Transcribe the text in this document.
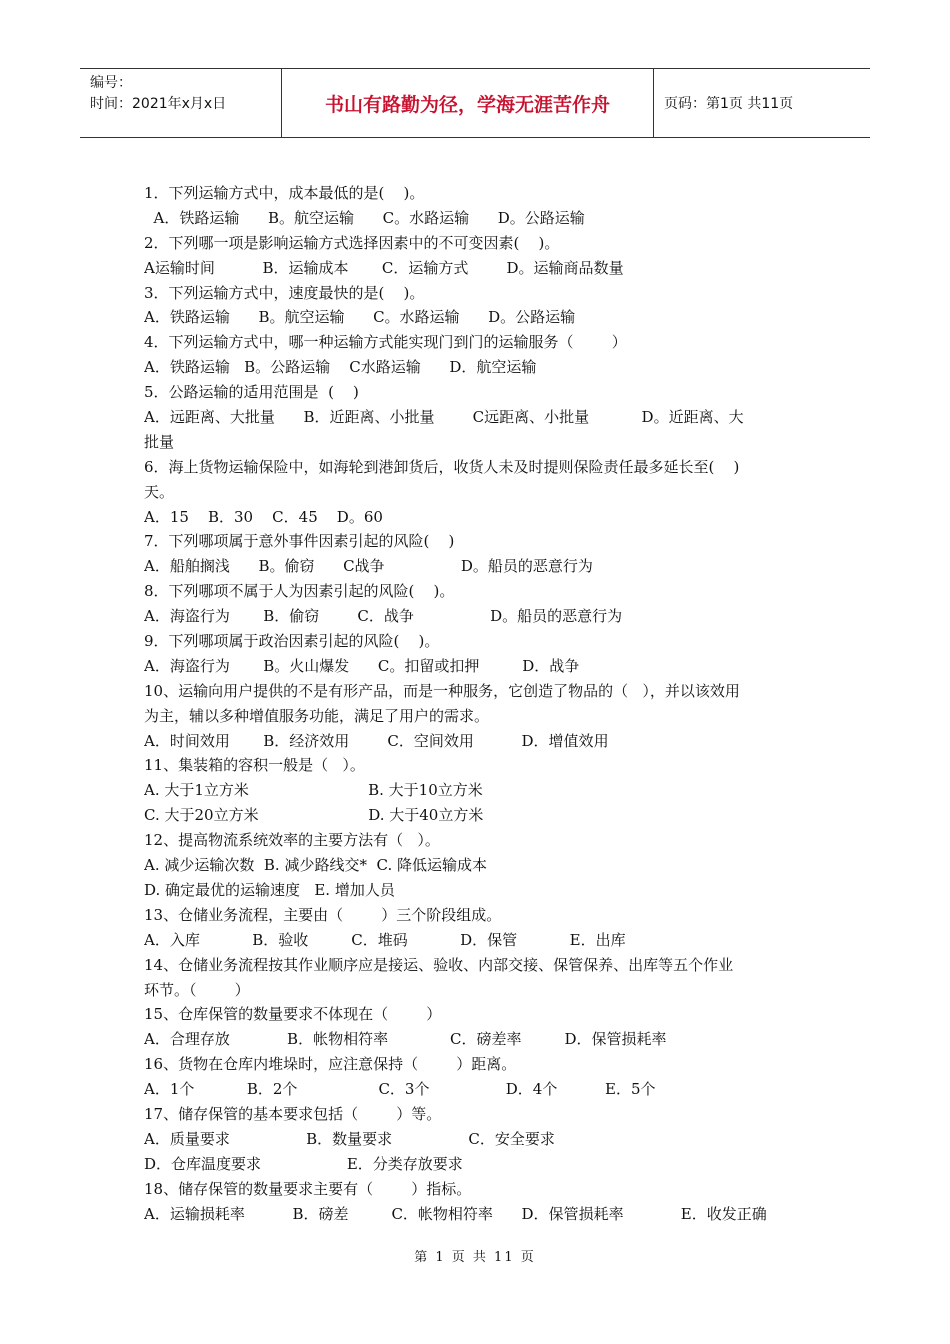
编号：
时间：2021年x月x日	书山有路勤为径，学海无涯苦作舟	页码：第1页 共11页
1．下列运输方式中，成本最低的是(    )。
A．铁路运输      B。航空运输      C。水路运输      D。公路运输
2．下列哪一项是影响运输方式选择因素中的不可变因素(    )。
A运输时间          B．运输成本       C．运输方式        D。运输商品数量
3．下列运输方式中，速度最快的是(    )。
A．铁路运输      B。航空运输      C。水路运输      D。公路运输
4．下列运输方式中，哪一种运输方式能实现门到门的运输服务（        ）
A．铁路运输   B。公路运输    C水路运输      D．航空运输
5．公路运输的适用范围是  (    )
A．远距离、大批量      B．近距离、小批量        C远距离、小批量           D。近距离、大
批量
6．海上货物运输保险中，如海轮到港卸货后，收货人未及时提则保险责任最多延长至(    )
天。
A．15    B．30    C．45    D。60
7．下列哪项属于意外事件因素引起的风险(    )
A．船舶搁浅      B。偷窃      C战争                D。船员的恶意行为
8．下列哪项不属于人为因素引起的风险(    )。
A．海盗行为       B．偷窃        C．战争                D。船员的恶意行为
9．下列哪项属于政治因素引起的风险(    )。
A．海盗行为       B。火山爆发      C。扣留或扣押         D．战争
10、运输向用户提供的不是有形产品，而是一种服务，它创造了物品的（   ），并以该效用
为主，辅以多种增值服务功能，满足了用户的需求。
A．时间效用       B．经济效用        C．空间效用          D．增值效用
11、集装箱的容积一般是（   ）。
A. 大于1立方米                         B. 大于10立方米
C. 大于20立方米                       D. 大于40立方米
12、提高物流系统效率的主要方法有（   ）。
A. 减少运输次数  B. 减少路线交*  C. 降低运输成本
D. 确定最优的运输速度   E. 增加人员
13、仓储业务流程，主要由（        ）三个阶段组成。
A．入库           B．验收         C．堆码           D．保管           E．出库
14、仓储业务流程按其作业顺序应是接运、验收、内部交接、保管保养、出库等五个作业
环节。（        ）
15、仓库保管的数量要求不体现在（        ）
A．合理存放            B．帐物相符率             C．磅差率         D．保管损耗率
16、货物在仓库内堆垛时，应注意保持（        ）距离。
A．1个           B．2个                 C．3个                D．4个          E．5个
17、储存保管的基本要求包括（        ）等。
A．质量要求                B．数量要求                C．安全要求
D．仓库温度要求                  E．分类存放要求
18、储存保管的数量要求主要有（        ）指标。
A．运输损耗率          B．磅差         C．帐物相符率      D．保管损耗率            E．收发正确
第 1 页 共 11 页
